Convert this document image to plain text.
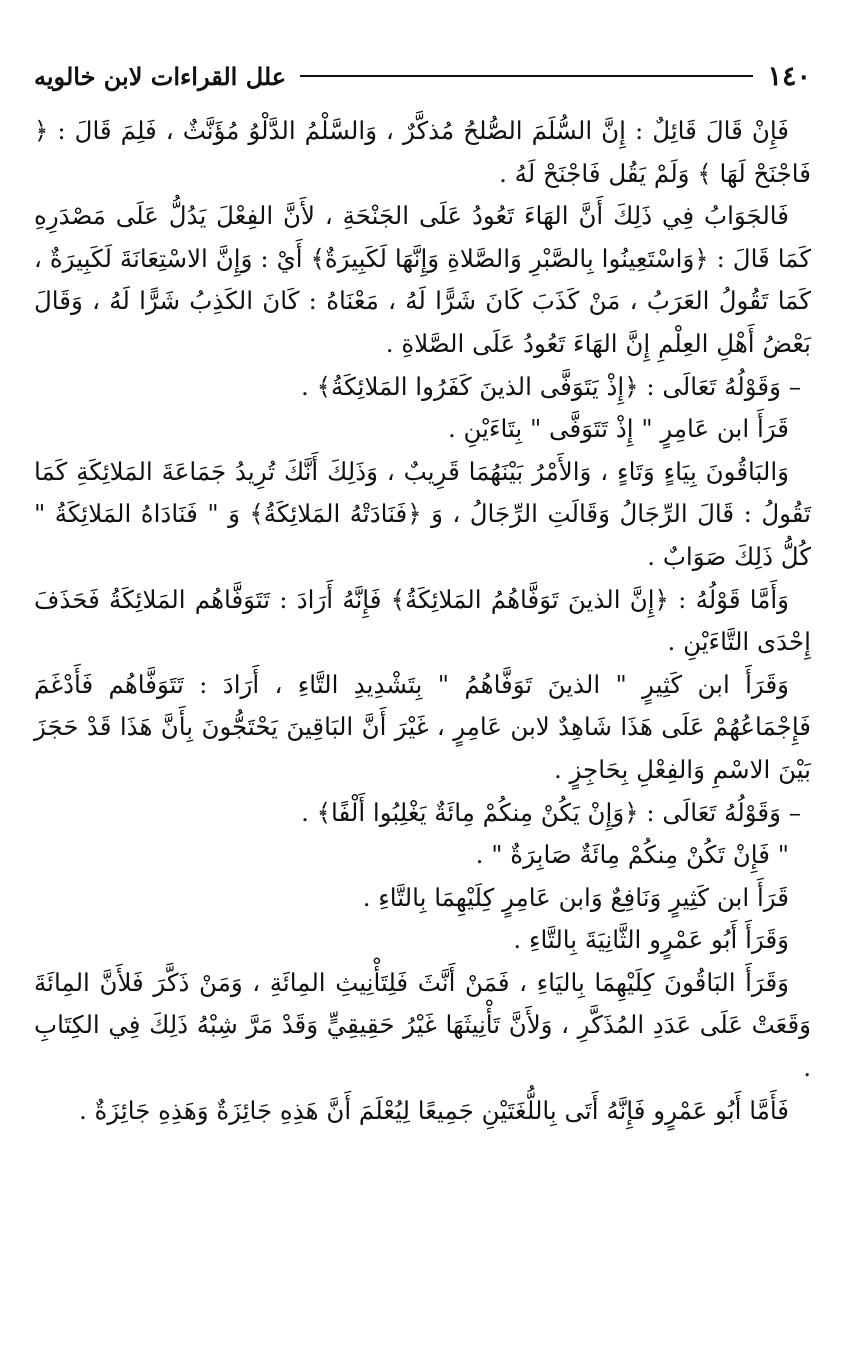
١٤٠
علل القراءات لابن خالويه

فَإِنْ قَالَ قَائِلٌ : إِنَّ السُّلَمَ الصُّلحُ مُذكَّرٌ ، وَالسَّلْمُ الدَّلْوُ مُؤَنَّثٌ ، فَلِمَ قَالَ : ﴿ فَاجْنَحْ لَهَا ﴾ وَلَمْ يَقُل فَاجْنَحْ لَهُ .

فَالجَوَابُ فِي ذَلِكَ أَنَّ الهَاءَ تَعُودُ عَلَى الجَنْحَةِ ، لأَنَّ الفِعْلَ يَدُلُّ عَلَى مَصْدَرِهِ كَمَا قَالَ : ﴿وَاسْتَعِينُوا بِالصَّبْرِ وَالصَّلاةِ وَإِنَّهَا لَكَبِيرَةٌ﴾ أَيْ : وَإِنَّ الاسْتِعَانَةَ لَكَبِيرَةٌ ، كَمَا تَقُولُ العَرَبُ ، مَنْ كَذَبَ كَانَ شَرًّا لَهُ ، مَعْنَاهُ : كَانَ الكَذِبُ شَرًّا لَهُ ، وَقَالَ بَعْضُ أَهْلِ العِلْمِ إِنَّ الهَاءَ تَعُودُ عَلَى الصَّلاةِ .

– وَقَوْلُهُ تَعَالَى : ﴿إِذْ يَتَوَفَّى الذينَ كَفَرُوا المَلائِكَةُ﴾ .

قَرَأَ ابن عَامِرٍ " إِذْ تَتَوَفَّى " بِتَاءَيْنِ .

وَالبَاقُونَ بِيَاءٍ وَتَاءٍ ، وَالأَمْرُ بَيْنَهُمَا قَرِيبٌ ، وَذَلِكَ أَنَّكَ تُرِيدُ جَمَاعَةَ المَلائِكَةِ كَمَا تَقُولُ : قَالَ الرِّجَالُ وَقَالَتِ الرِّجَالُ ، وَ ﴿فَنَادَتْهُ المَلائِكَةُ﴾ وَ " فَنَادَاهُ المَلائِكَةُ " كُلُّ ذَلِكَ صَوَابٌ .

وَأَمَّا قَوْلُهُ : ﴿إِنَّ الذينَ تَوَفَّاهُمُ المَلائِكَةُ﴾ فَإِنَّهُ أَرَادَ : تَتَوَفَّاهُم المَلائِكَةُ فَحَذَفَ إِحْدَى التَّاءَيْنِ .

وَقَرَأَ ابن كَثِيرٍ " الذينَ تَوَفَّاهُمُ " بِتَشْدِيدِ التَّاءِ ، أَرَادَ : تَتَوَفَّاهُم فَأَدْغَمَ فَإِجْمَاعُهُمْ عَلَى هَذَا شَاهِدٌ لابن عَامِرٍ ، غَيْرَ أَنَّ البَاقِينَ يَحْتَجُّونَ بِأَنَّ هَذَا قَدْ حَجَزَ بَيْنَ الاسْمِ وَالفِعْلِ بِحَاجِزٍ .

– وَقَوْلُهُ تَعَالَى : ﴿وَإِنْ يَكُنْ مِنكُمْ مِائَةٌ يَغْلِبُوا أَلْفًا﴾ .

" فَإِنْ تَكُنْ مِنكُمْ مِائَةٌ صَابِرَةٌ " .

قَرَأَ ابن كَثِيرٍ وَنَافِعٌ وَابن عَامِرٍ كِلَيْهِمَا بِالتَّاءِ .

وَقَرَأَ أَبُو عَمْرٍو الثَّانِيَةَ بِالتَّاءِ .

وَقَرَأَ البَاقُونَ كِلَيْهِمَا بِاليَاءِ ، فَمَنْ أَنَّثَ فَلِتَأْنِيثِ المِائَةِ ، وَمَنْ ذَكَّرَ فَلأَنَّ المِائَةَ وَقَعَتْ عَلَى عَدَدِ المُذَكَّرِ ، وَلأَنَّ تَأْنِيثَهَا غَيْرُ حَقِيقِيٍّ وَقَدْ مَرَّ شِبْهُ ذَلِكَ فِي الكِتَابِ .

فَأَمَّا أَبُو عَمْرٍو فَإِنَّهُ أَتَى بِاللُّغَتَيْنِ جَمِيعًا لِيُعْلَمَ أَنَّ هَذِهِ جَائِزَةٌ وَهَذِهِ جَائِزَةٌ .
